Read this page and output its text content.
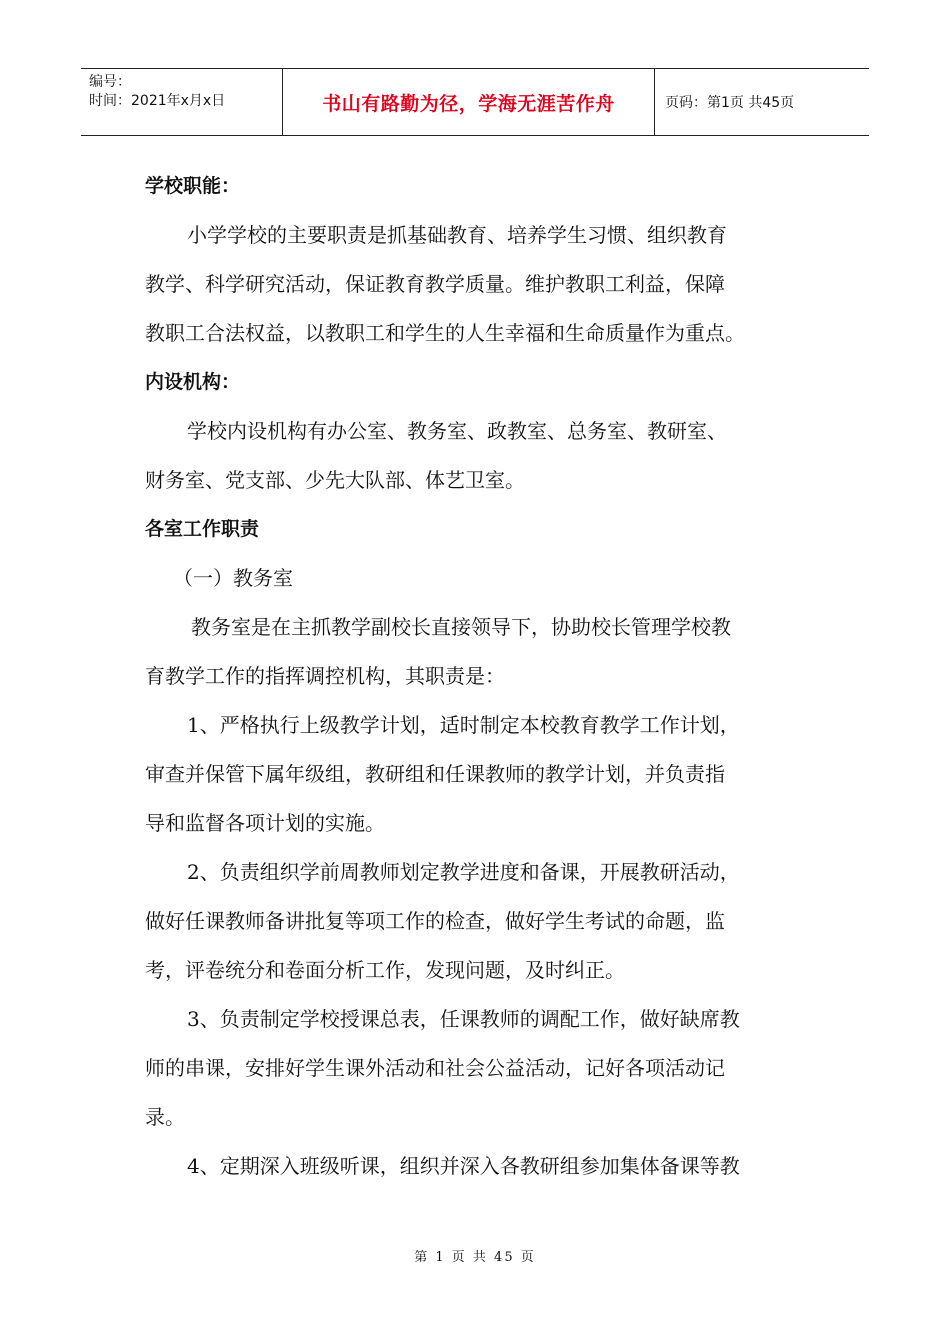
编号：
时间：2021年x月x日	书山有路勤为径，学海无涯苦作舟	页码：第1页 共45页
学校职能：
小学学校的主要职责是抓基础教育、培养学生习惯、组织教育
教学、科学研究活动，保证教育教学质量。维护教职工利益，保障
教职工合法权益，以教职工和学生的人生幸福和生命质量作为重点。
内设机构：
学校内设机构有办公室、教务室、政教室、总务室、教研室、
财务室、党支部、少先大队部、体艺卫室。
各室工作职责
（一）教务室
教务室是在主抓教学副校长直接领导下，协助校长管理学校教
育教学工作的指挥调控机构，其职责是：
1、严格执行上级教学计划，适时制定本校教育教学工作计划，
审查并保管下属年级组，教研组和任课教师的教学计划，并负责指
导和监督各项计划的实施。
2、负责组织学前周教师划定教学进度和备课，开展教研活动，
做好任课教师备讲批复等项工作的检查，做好学生考试的命题，监
考，评卷统分和卷面分析工作，发现问题，及时纠正。
3、负责制定学校授课总表，任课教师的调配工作，做好缺席教
师的串课，安排好学生课外活动和社会公益活动，记好各项活动记
录。
4、定期深入班级听课，组织并深入各教研组参加集体备课等教
第 1 页 共 45 页
